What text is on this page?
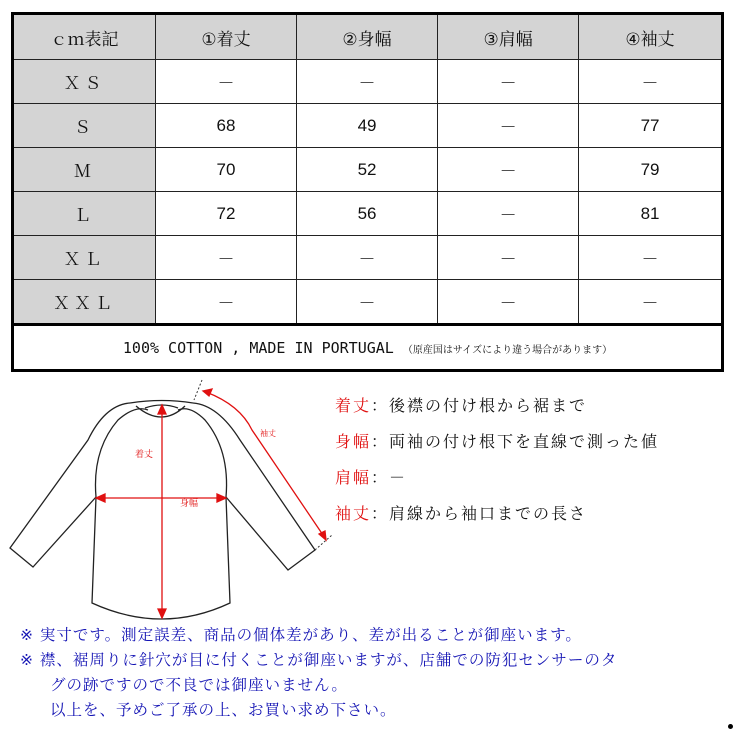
ｃｍ表記	①着丈	②身幅	③肩幅	④袖丈
ＸＳ	－	－	－	－
Ｓ	68	49	－	77
Ｍ	70	52	－	79
Ｌ	72	56	－	81
ＸＬ	－	－	－	－
ＸＸＬ	－	－	－	－
100% COTTON , MADE IN PORTUGAL （原産国はサイズにより違う場合があります）				
着丈
身幅
袖丈
着丈：後襟の付け根から裾まで
身幅：両袖の付け根下を直線で測った値
肩幅：－
袖丈：肩線から袖口までの長さ
※ 実寸です。測定誤差、商品の個体差があり、差が出ることが御座います。
※ 襟、裾周りに針穴が目に付くことが御座いますが、店舗での防犯センサーのタ
グの跡ですので不良では御座いません。
以上を、予めご了承の上、お買い求め下さい。
